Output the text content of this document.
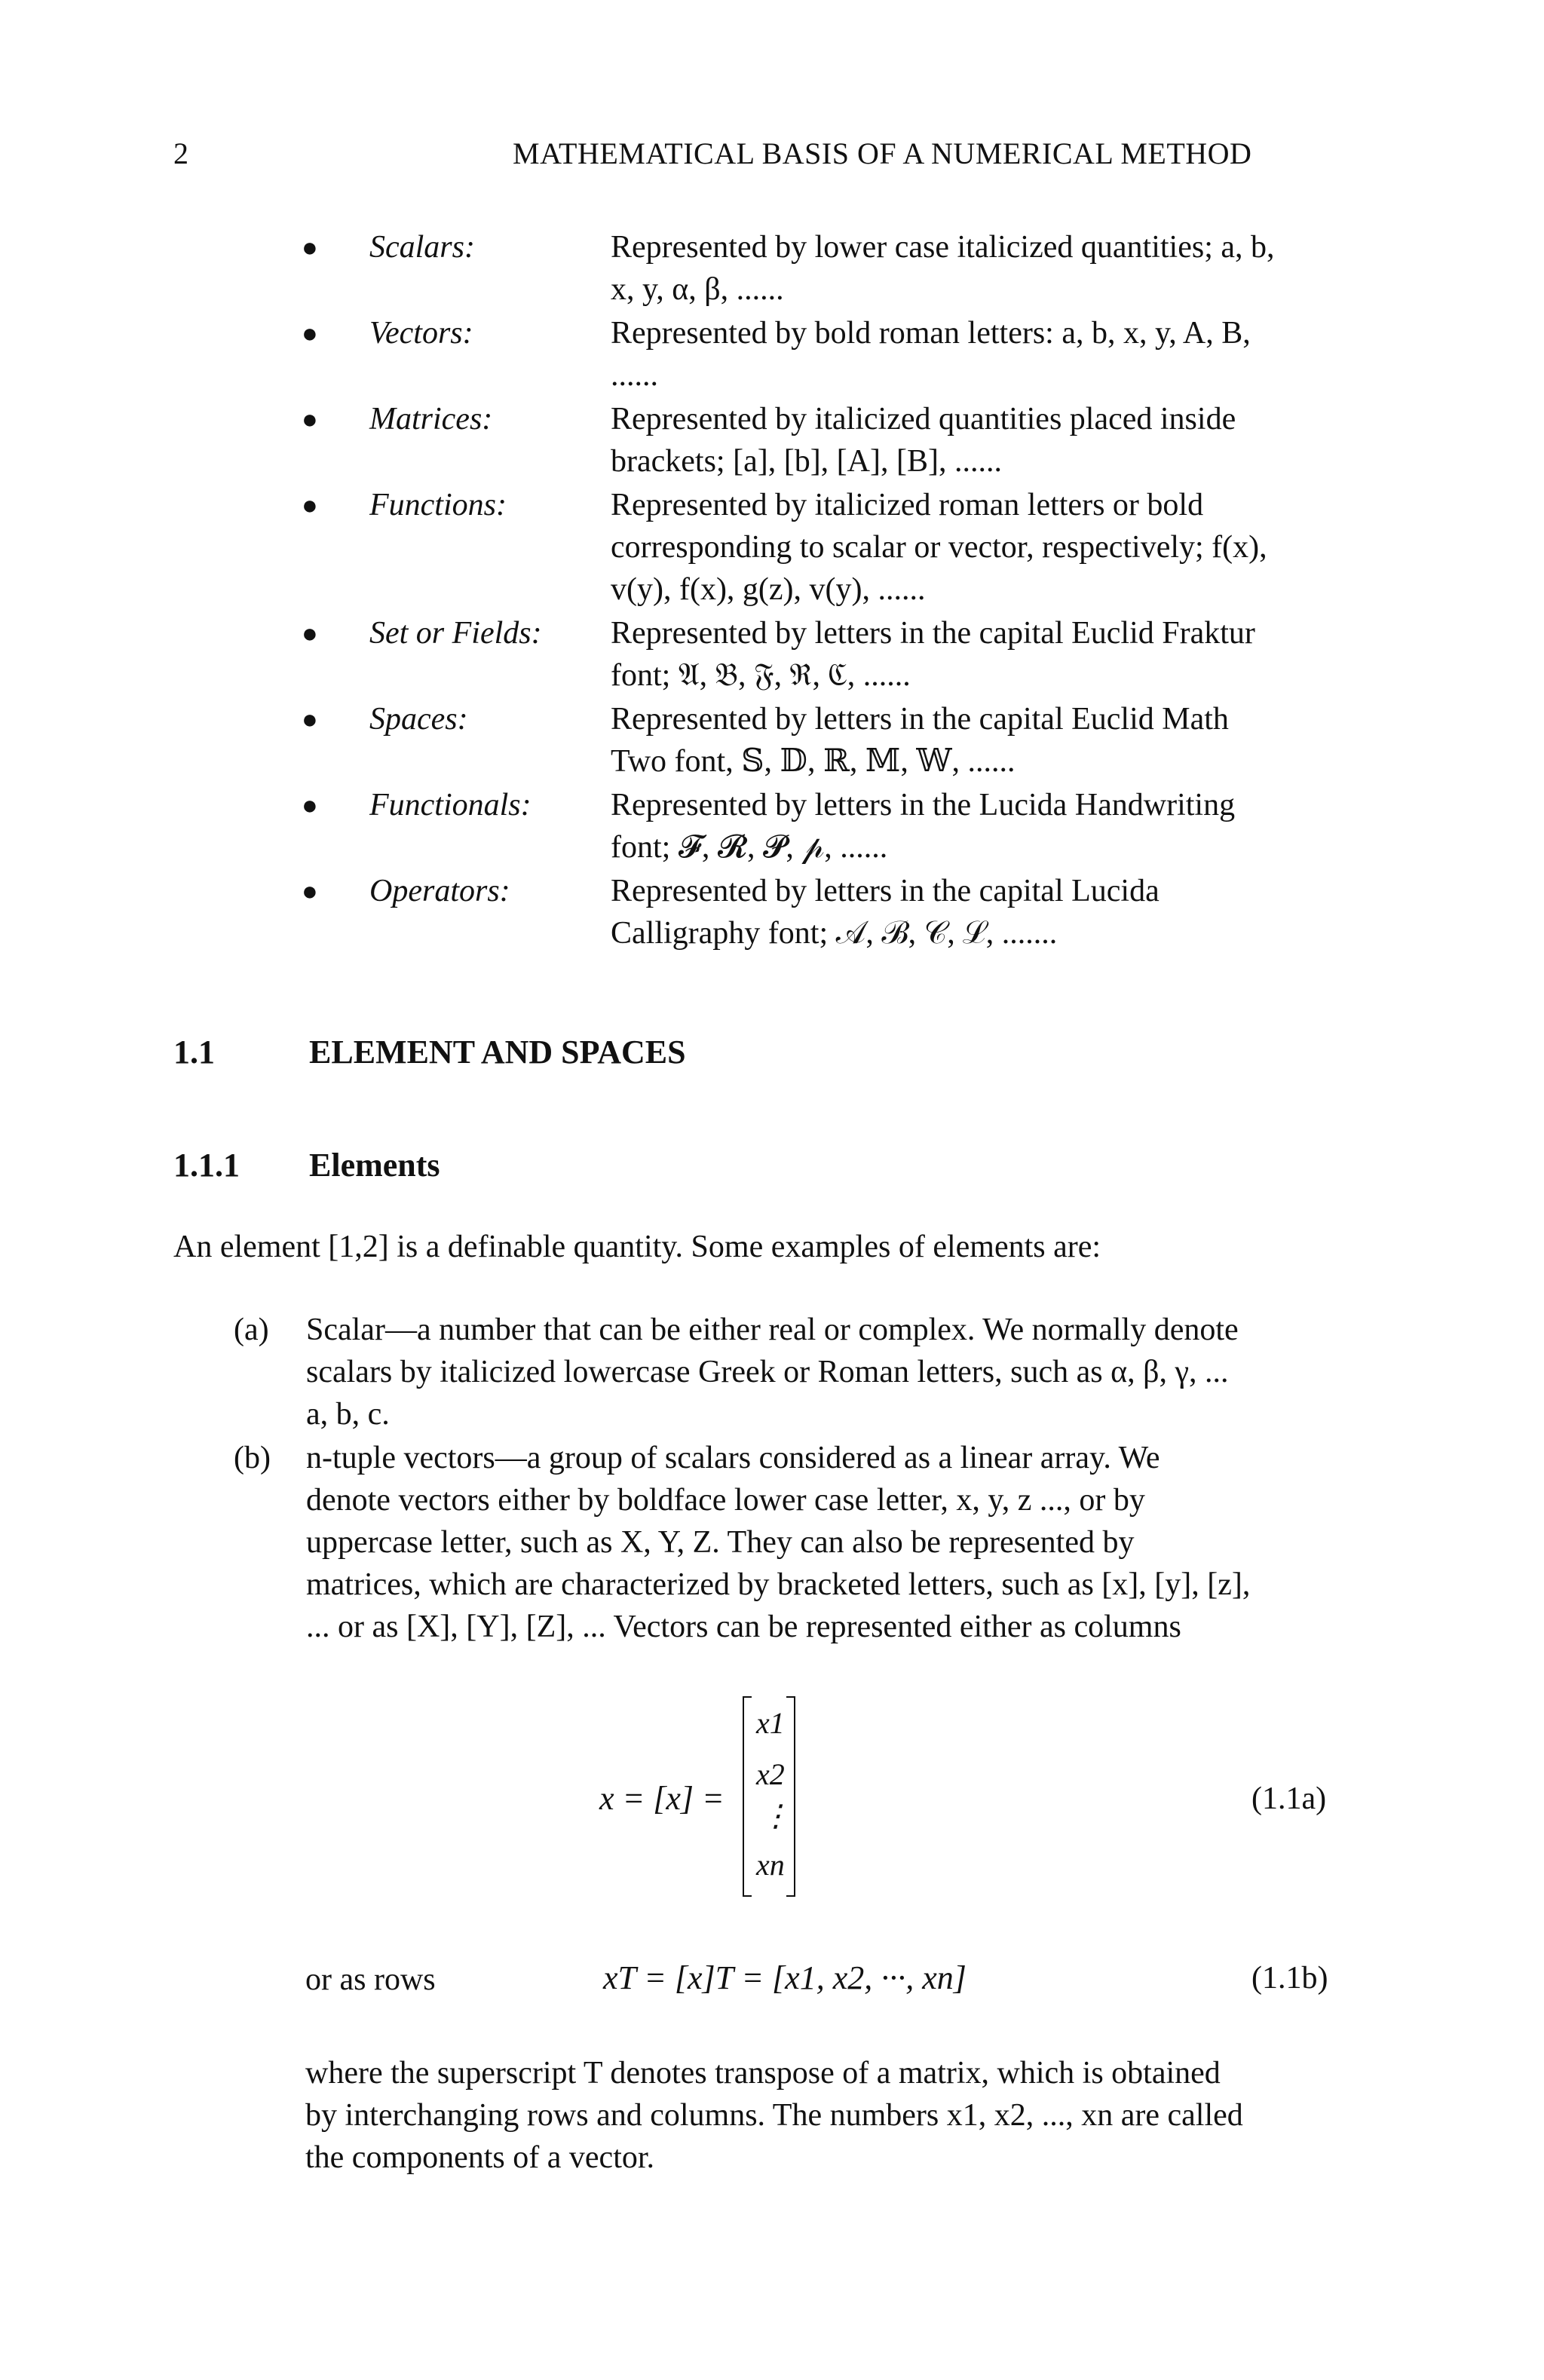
2	MATHEMATICAL BASIS OF A NUMERICAL METHOD
●	Scalars:	Represented by lower case italicized quantities; a, b,
x, y, α, β, ......
●	Vectors:	Represented by bold roman letters: a, b, x, y, A, B,
......
●	Matrices:	Represented by italicized quantities placed inside
brackets; [a], [b], [A], [B], ......
●	Functions:	Represented by italicized roman letters or bold
corresponding to scalar or vector, respectively; f(x),
v(y), f(x), g(z), v(y), ......
●	Set or Fields:	Represented by letters in the capital Euclid Fraktur
font; 𝔄, 𝔅, 𝔉, ℜ, ℭ, ......
●	Spaces:	Represented by letters in the capital Euclid Math
Two font, 𝕊, 𝔻, ℝ, 𝕄, 𝕎, ......
●	Functionals:	Represented by letters in the Lucida Handwriting
font; 𝓕, 𝓡, 𝓟, 𝓅, ......
●	Operators:	Represented by letters in the capital Lucida
Calligraphy font; 𝒜, ℬ, 𝒞, ℒ, .......
1.1	ELEMENT AND SPACES
1.1.1 Elements
An element [1,2] is a definable quantity. Some examples of elements are:
(a) Scalar—a number that can be either real or complex. We normally denote
scalars by italicized lowercase Greek or Roman letters, such as α, β, γ, ...
a, b, c.
(b) n-tuple vectors—a group of scalars considered as a linear array. We
denote vectors either by boldface lower case letter, x, y, z ..., or by
uppercase letter, such as X, Y, Z. They can also be represented by
matrices, which are characterized by bracketed letters, such as [x], [y], [z],
... or as [X], [Y], [Z], ... Vectors can be represented either as columns
x = [x] =
x1
x2
⋮
xn
(1.1a)
or as rows	xT = [x]T = [x1, x2, ···, xn]	(1.1b)
where the superscript T denotes transpose of a matrix, which is obtained
by interchanging rows and columns. The numbers x1, x2, ..., xn are called
the components of a vector.
